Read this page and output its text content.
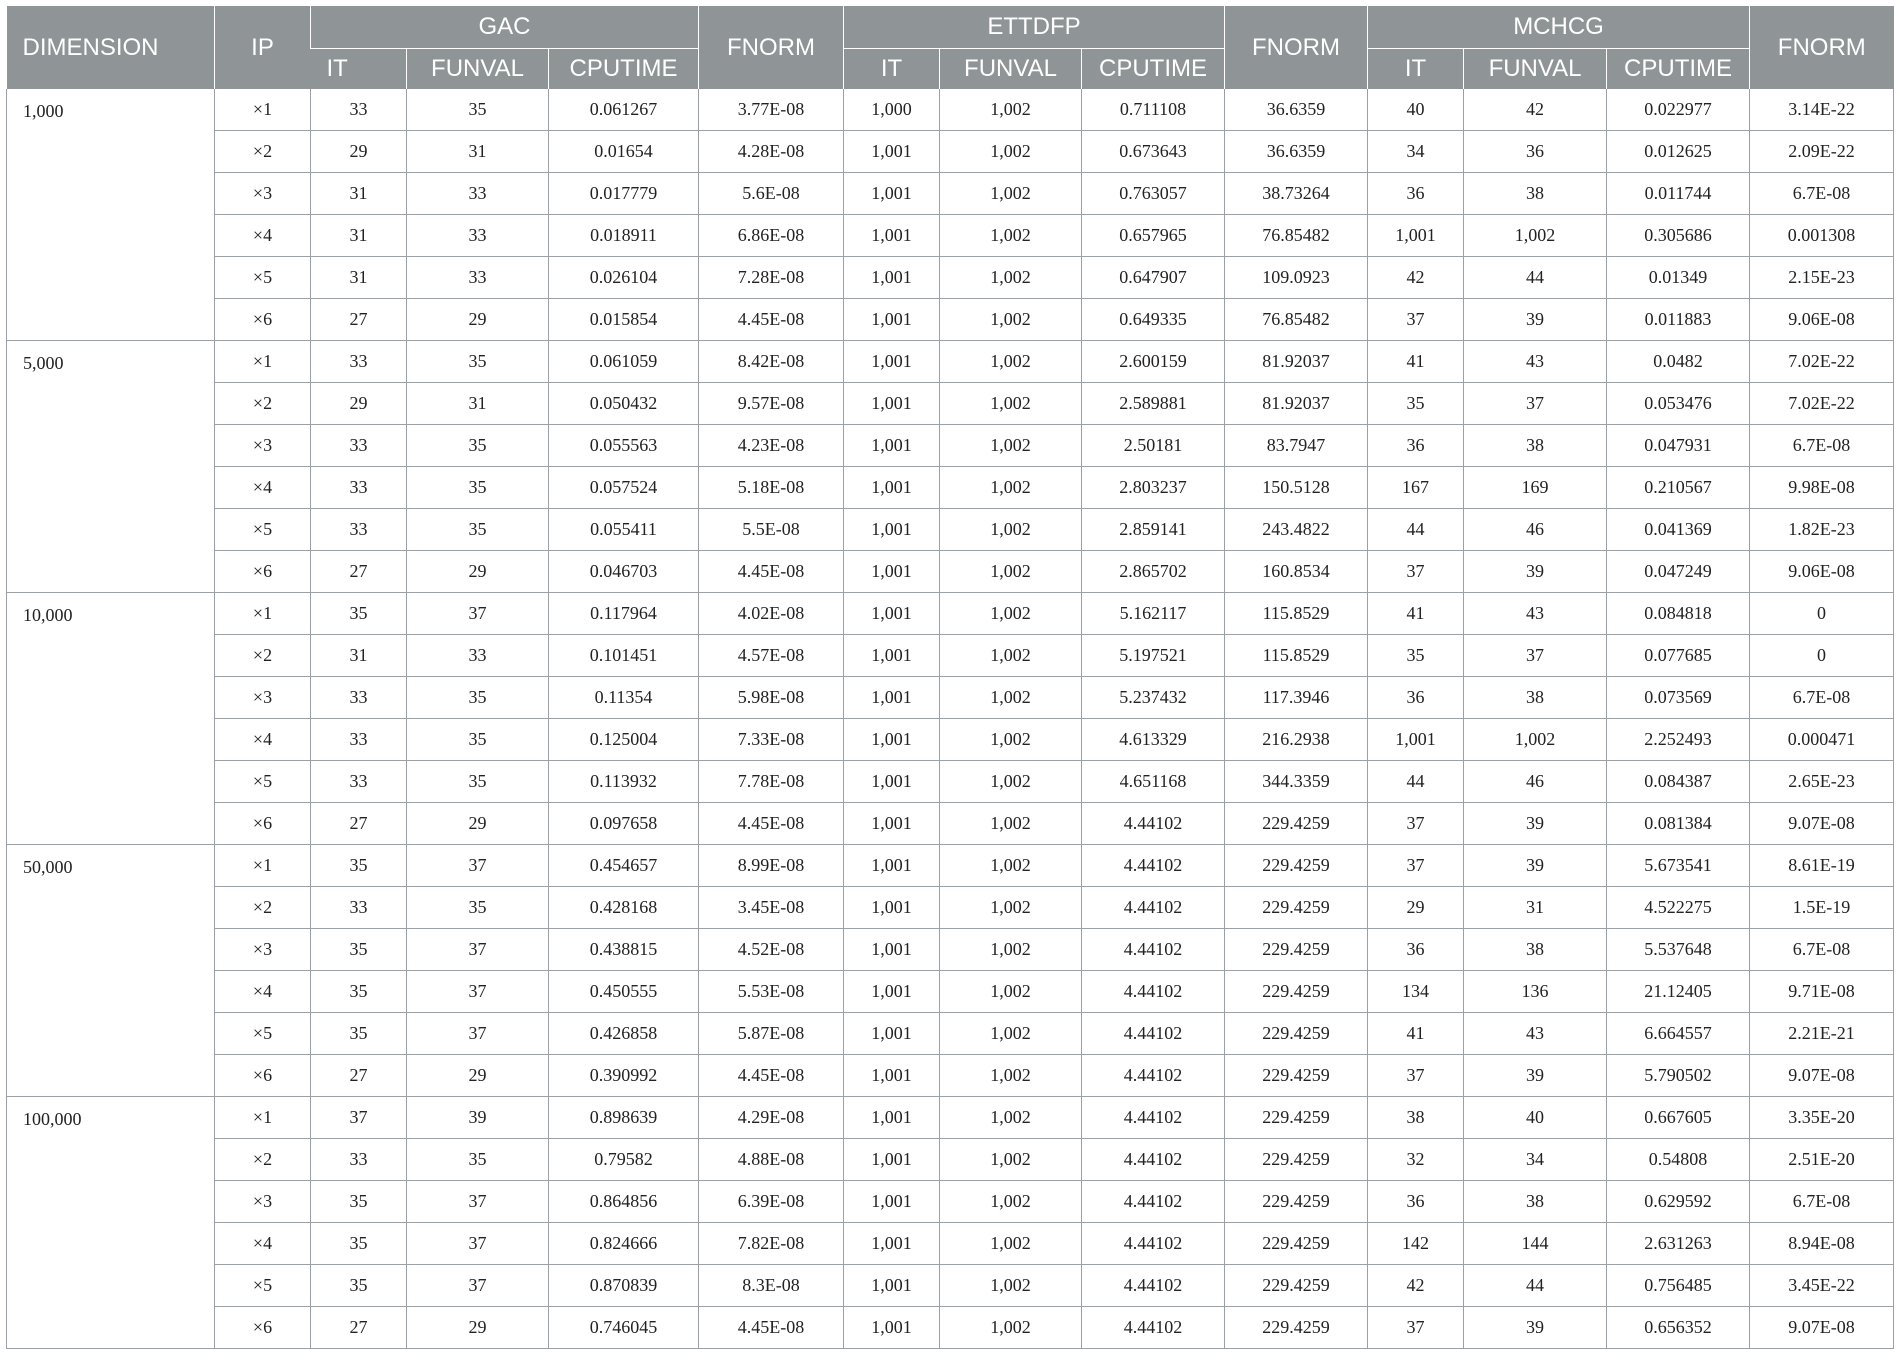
DIMENSION	IP	GAC			FNORM	ETTDFP			FNORM	MCHCG			FNORM
		IT	FUNVAL	CPUTIME		IT	FUNVAL	CPUTIME		IT	FUNVAL	CPUTIME	
1,000	×1	33	35	0.061267	3.77E-08	1,000	1,002	0.711108	36.6359	40	42	0.022977	3.14E-22
	×2	29	31	0.01654	4.28E-08	1,001	1,002	0.673643	36.6359	34	36	0.012625	2.09E-22
	×3	31	33	0.017779	5.6E-08	1,001	1,002	0.763057	38.73264	36	38	0.011744	6.7E-08
	×4	31	33	0.018911	6.86E-08	1,001	1,002	0.657965	76.85482	1,001	1,002	0.305686	0.001308
	×5	31	33	0.026104	7.28E-08	1,001	1,002	0.647907	109.0923	42	44	0.01349	2.15E-23
	×6	27	29	0.015854	4.45E-08	1,001	1,002	0.649335	76.85482	37	39	0.011883	9.06E-08
5,000	×1	33	35	0.061059	8.42E-08	1,001	1,002	2.600159	81.92037	41	43	0.0482	7.02E-22
	×2	29	31	0.050432	9.57E-08	1,001	1,002	2.589881	81.92037	35	37	0.053476	7.02E-22
	×3	33	35	0.055563	4.23E-08	1,001	1,002	2.50181	83.7947	36	38	0.047931	6.7E-08
	×4	33	35	0.057524	5.18E-08	1,001	1,002	2.803237	150.5128	167	169	0.210567	9.98E-08
	×5	33	35	0.055411	5.5E-08	1,001	1,002	2.859141	243.4822	44	46	0.041369	1.82E-23
	×6	27	29	0.046703	4.45E-08	1,001	1,002	2.865702	160.8534	37	39	0.047249	9.06E-08
10,000	×1	35	37	0.117964	4.02E-08	1,001	1,002	5.162117	115.8529	41	43	0.084818	0
	×2	31	33	0.101451	4.57E-08	1,001	1,002	5.197521	115.8529	35	37	0.077685	0
	×3	33	35	0.11354	5.98E-08	1,001	1,002	5.237432	117.3946	36	38	0.073569	6.7E-08
	×4	33	35	0.125004	7.33E-08	1,001	1,002	4.613329	216.2938	1,001	1,002	2.252493	0.000471
	×5	33	35	0.113932	7.78E-08	1,001	1,002	4.651168	344.3359	44	46	0.084387	2.65E-23
	×6	27	29	0.097658	4.45E-08	1,001	1,002	4.44102	229.4259	37	39	0.081384	9.07E-08
50,000	×1	35	37	0.454657	8.99E-08	1,001	1,002	4.44102	229.4259	37	39	5.673541	8.61E-19
	×2	33	35	0.428168	3.45E-08	1,001	1,002	4.44102	229.4259	29	31	4.522275	1.5E-19
	×3	35	37	0.438815	4.52E-08	1,001	1,002	4.44102	229.4259	36	38	5.537648	6.7E-08
	×4	35	37	0.450555	5.53E-08	1,001	1,002	4.44102	229.4259	134	136	21.12405	9.71E-08
	×5	35	37	0.426858	5.87E-08	1,001	1,002	4.44102	229.4259	41	43	6.664557	2.21E-21
	×6	27	29	0.390992	4.45E-08	1,001	1,002	4.44102	229.4259	37	39	5.790502	9.07E-08
100,000	×1	37	39	0.898639	4.29E-08	1,001	1,002	4.44102	229.4259	38	40	0.667605	3.35E-20
	×2	33	35	0.79582	4.88E-08	1,001	1,002	4.44102	229.4259	32	34	0.54808	2.51E-20
	×3	35	37	0.864856	6.39E-08	1,001	1,002	4.44102	229.4259	36	38	0.629592	6.7E-08
	×4	35	37	0.824666	7.82E-08	1,001	1,002	4.44102	229.4259	142	144	2.631263	8.94E-08
	×5	35	37	0.870839	8.3E-08	1,001	1,002	4.44102	229.4259	42	44	0.756485	3.45E-22
	×6	27	29	0.746045	4.45E-08	1,001	1,002	4.44102	229.4259	37	39	0.656352	9.07E-08
